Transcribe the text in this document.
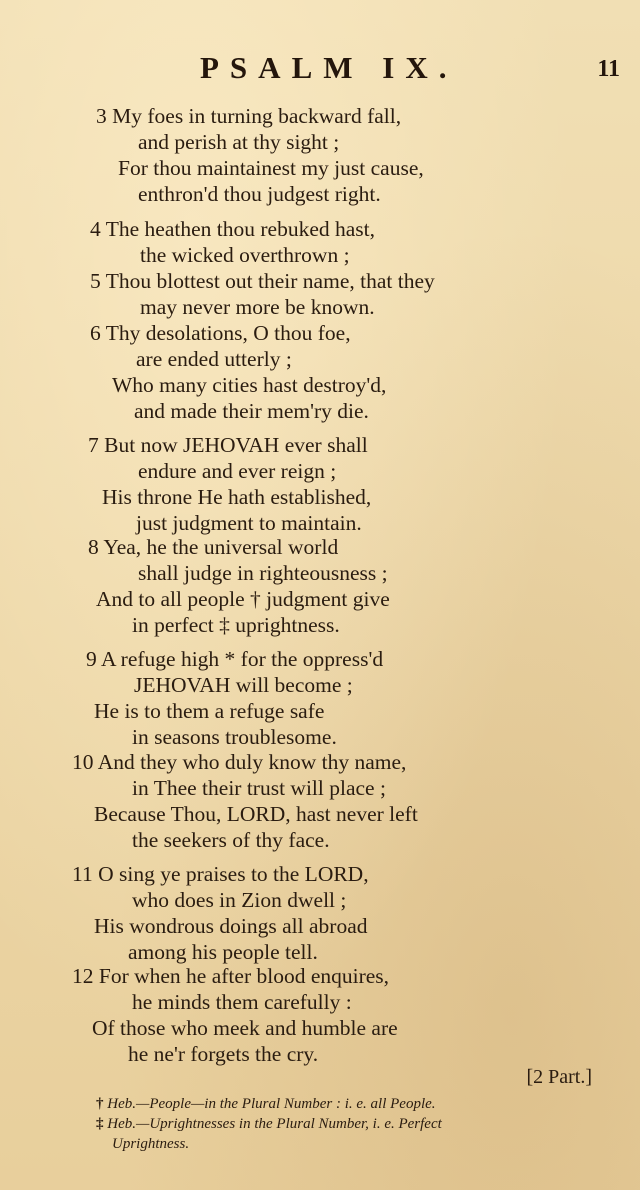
PSALM IX.	11
3 My foes in turning backward fall,
and perish at thy sight ;
For thou maintainest my just cause,
enthron'd thou judgest right.
4 The heathen thou rebuked hast,
the wicked overthrown ;
5 Thou blottest out their name, that they
may never more be known.
6 Thy desolations, O thou foe,
are ended utterly ;
Who many cities hast destroy'd,
and made their mem'ry die.
7 But now JEHOVAH ever shall
endure and ever reign ;
His throne He hath established,
just judgment to maintain.
8 Yea, he the universal world
shall judge in righteousness ;
And to all people † judgment give
in perfect ‡ uprightness.
9 A refuge high * for the oppress'd
JEHOVAH will become ;
He is to them a refuge safe
in seasons troublesome.
10 And they who duly know thy name,
in Thee their trust will place ;
Because Thou, LORD, hast never left
the seekers of thy face.
11 O sing ye praises to the LORD,
who does in Zion dwell ;
His wondrous doings all abroad
among his people tell.
12 For when he after blood enquires,
he minds them carefully :
Of those who meek and humble are
he ne'r forgets the cry.
[2 Part.]
† Heb.—People—in the Plural Number : i. e. all People.
‡ Heb.—Uprightnesses in the Plural Number, i. e. Perfect
Uprightness.
